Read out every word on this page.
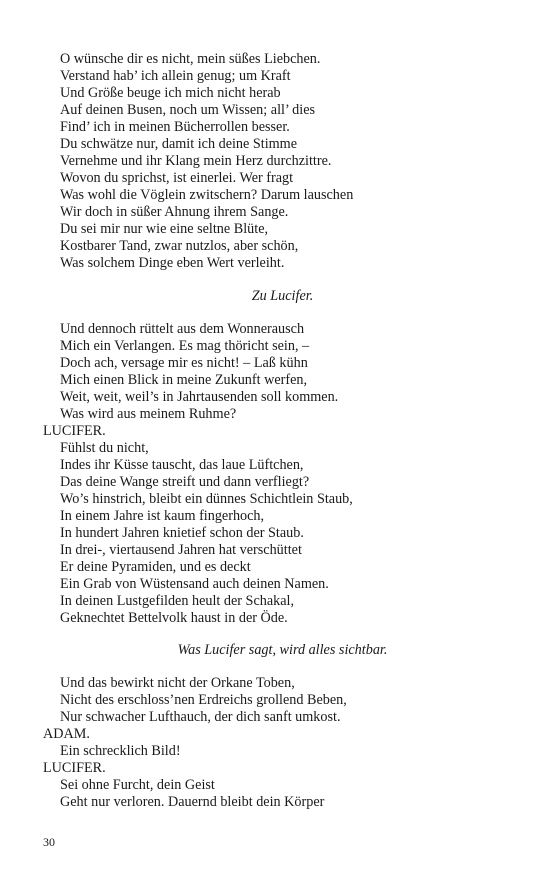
O wünsche dir es nicht, mein süßes Liebchen.

Verstand hab’ ich allein genug; um Kraft

Und Größe beuge ich mich nicht herab

Auf deinen Busen, noch um Wissen; all’ dies

Find’ ich in meinen Bücherrollen besser.

Du schwätze nur, damit ich deine Stimme

Vernehme und ihr Klang mein Herz durchzittre.

Wovon du sprichst, ist einerlei. Wer fragt

Was wohl die Vöglein zwitschern? Darum lauschen

Wir doch in süßer Ahnung ihrem Sange.

Du sei mir nur wie eine seltne Blüte,

Kostbarer Tand, zwar nutzlos, aber schön,

Was solchem Dinge eben Wert verleiht.

Zu Lucifer.

Und dennoch rüttelt aus dem Wonnerausch

Mich ein Verlangen. Es mag thöricht sein, –

Doch ach, versage mir es nicht! – Laß kühn

Mich einen Blick in meine Zukunft werfen,

Weit, weit, weil’s in Jahrtausenden soll kommen.

Was wird aus meinem Ruhme?

LUCIFER.

Fühlst du nicht,

Indes ihr Küsse tauscht, das laue Lüftchen,

Das deine Wange streift und dann verfliegt?

Wo’s hinstrich, bleibt ein dünnes Schichtlein Staub,

In einem Jahre ist kaum fingerhoch,

In hundert Jahren knietief schon der Staub.

In drei-, viertausend Jahren hat verschüttet

Er deine Pyramiden, und es deckt

Ein Grab von Wüstensand auch deinen Namen.

In deinen Lustgefilden heult der Schakal,

Geknechtet Bettelvolk haust in der Öde.

Was Lucifer sagt, wird alles sichtbar.

Und das bewirkt nicht der Orkane Toben,

Nicht des erschloss’nen Erdreichs grollend Beben,

Nur schwacher Lufthauch, der dich sanft umkost.

ADAM.

Ein schrecklich Bild!

LUCIFER.

Sei ohne Furcht, dein Geist

Geht nur verloren. Dauernd bleibt dein Körper

30
